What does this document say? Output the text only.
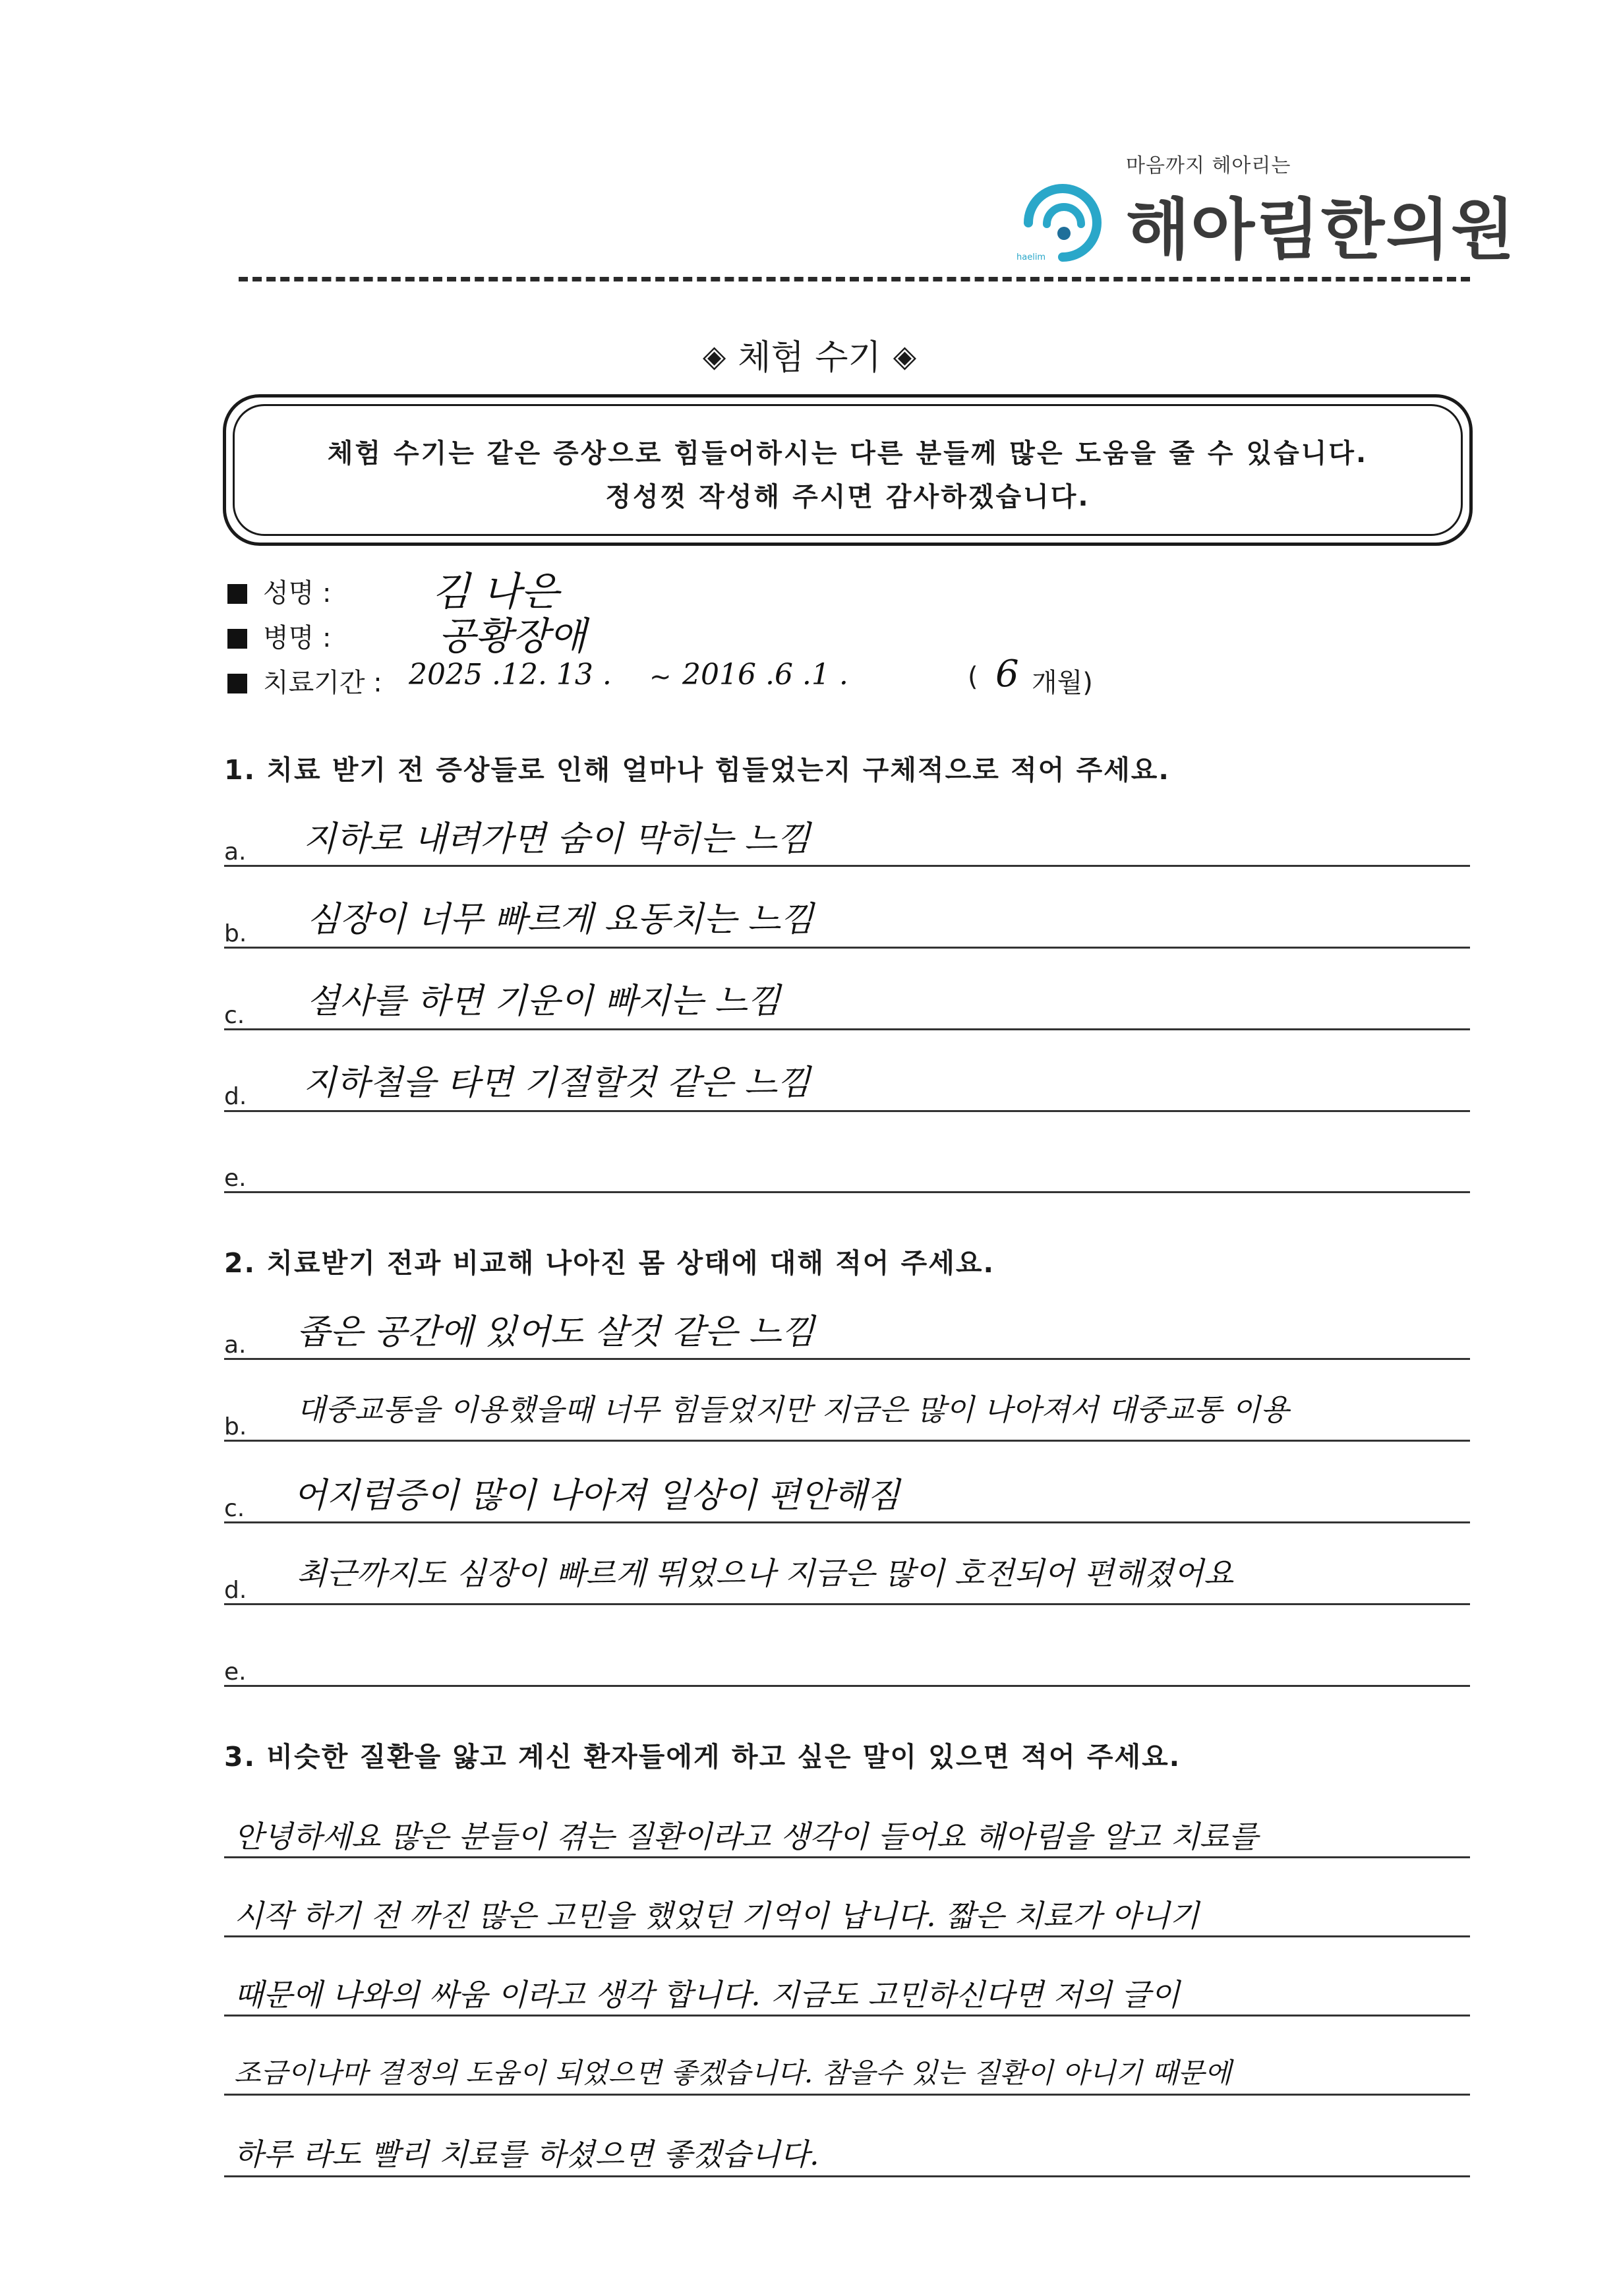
마음까지 헤아리는
haelim 해아림한의원
◈ 체험 수기 ◈
체험 수기는 같은 증상으로 힘들어하시는 다른 분들께 많은 도움을 줄 수 있습니다.
정성껏 작성해 주시면 감사하겠습니다.
성명 :	김 나은
병명 :	공황장애
치료기간 : 2025 .12. 13 . ~ 2016 .6 .1 .	( 6 개월)
1. 치료 받기 전 증상들로 인해 얼마나 힘들었는지 구체적으로 적어 주세요.
a. 지하로 내려가면 숨이 막히는 느낌
b. 심장이 너무 빠르게 요동치는 느낌
c. 설사를 하면 기운이 빠지는 느낌
d. 지하철을 타면 기절할것 같은 느낌
e.
2. 치료받기 전과 비교해 나아진 몸 상태에 대해 적어 주세요.
a. 좁은 공간에 있어도 살것 같은 느낌
b. 대중교통을 이용했을때 너무 힘들었지만 지금은 많이 나아져서 대중교통 이용
c. 어지럼증이 많이 나아져 일상이 편안해짐
d. 최근까지도 심장이 빠르게 뛰었으나 지금은 많이 호전되어 편해졌어요
e.
3. 비슷한 질환을 앓고 계신 환자들에게 하고 싶은 말이 있으면 적어 주세요.
안녕하세요 많은 분들이 겪는 질환이라고 생각이 들어요 해아림을 알고 치료를
시작 하기 전 까진 많은 고민을 했었던 기억이 납니다. 짧은 치료가 아니기
때문에 나와의 싸움 이라고 생각 합니다. 지금도 고민하신다면 저의 글이
조금이나마 결정의 도움이 되었으면 좋겠습니다. 참을수 있는 질환이 아니기 때문에
하루 라도 빨리 치료를 하셨으면 좋겠습니다.
